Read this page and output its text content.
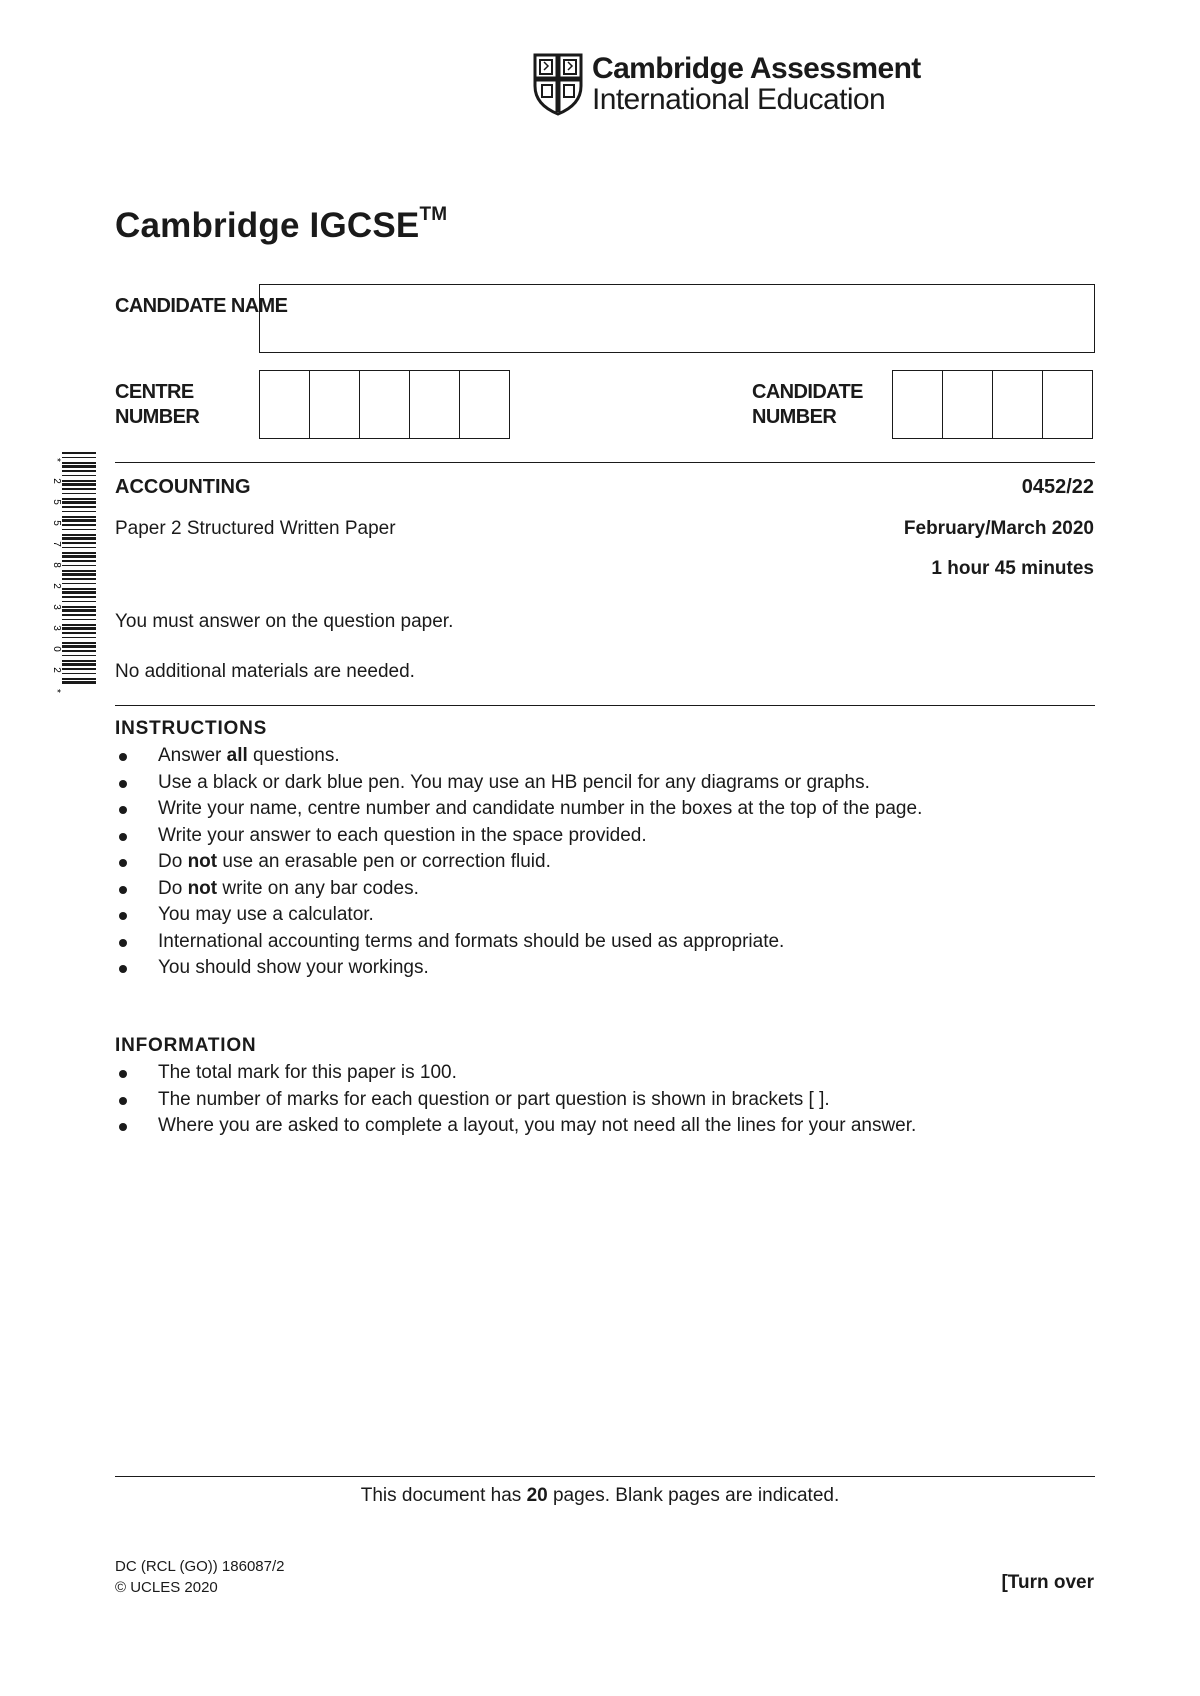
Cambridge Assessment
International Education
Cambridge IGCSE™
CANDIDATE NAME
CENTRE NUMBER
CANDIDATE NUMBER
*
2
5
5
7
8
2
3
3
0
2
*
ACCOUNTING	0452/22
Paper 2 Structured Written Paper	February/March 2020
1 hour 45 minutes
You must answer on the question paper.
No additional materials are needed.
INSTRUCTIONS
Answer all questions.
Use a black or dark blue pen. You may use an HB pencil for any diagrams or graphs.
Write your name, centre number and candidate number in the boxes at the top of the page.
Write your answer to each question in the space provided.
Do not use an erasable pen or correction fluid.
Do not write on any bar codes.
You may use a calculator.
International accounting terms and formats should be used as appropriate.
You should show your workings.
INFORMATION
The total mark for this paper is 100.
The number of marks for each question or part question is shown in brackets [ ].
Where you are asked to complete a layout, you may not need all the lines for your answer.
This document has 20 pages. Blank pages are indicated.
DC (RCL (GO)) 186087/2
© UCLES 2020	[Turn over
